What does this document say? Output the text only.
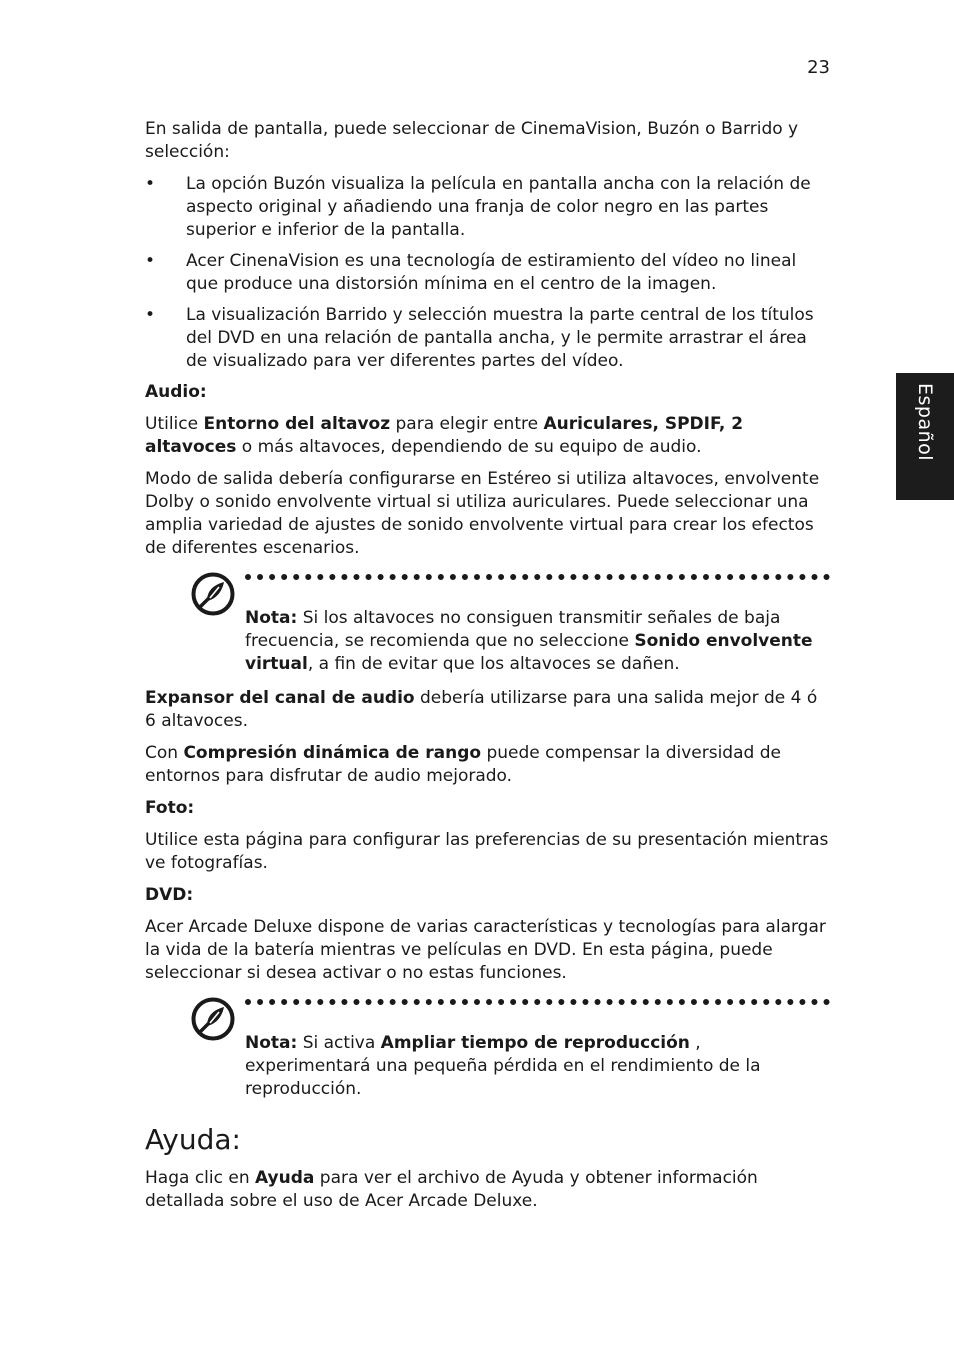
23
Español

En salida de pantalla, puede seleccionar de CinemaVision, Buzón o Barrido y selección:

• La opción Buzón visualiza la película en pantalla ancha con la relación de aspecto original y añadiendo una franja de color negro en las partes superior e inferior de la pantalla.
• Acer CinenaVision es una tecnología de estiramiento del vídeo no lineal que produce una distorsión mínima en el centro de la imagen.
• La visualización Barrido y selección muestra la parte central de los títulos del DVD en una relación de pantalla ancha, y le permite arrastrar el área de visualizado para ver diferentes partes del vídeo.
Audio:

Utilice Entorno del altavoz para elegir entre Auriculares, SPDIF, 2 altavoces o más altavoces, dependiendo de su equipo de audio.

Modo de salida debería configurarse en Estéreo si utiliza altavoces, envolvente Dolby o sonido envolvente virtual si utiliza auriculares. Puede seleccionar una amplia variedad de ajustes de sonido envolvente virtual para crear los efectos de diferentes escenarios.

Nota: Si los altavoces no consiguen transmitir señales de baja frecuencia, se recomienda que no seleccione Sonido envolvente virtual, a fin de evitar que los altavoces se dañen.

Expansor del canal de audio debería utilizarse para una salida mejor de 4 ó 6 altavoces.

Con Compresión dinámica de rango puede compensar la diversidad de entornos para disfrutar de audio mejorado.

Foto:

Utilice esta página para configurar las preferencias de su presentación mientras ve fotografías.

DVD:

Acer Arcade Deluxe dispone de varias características y tecnologías para alargar la vida de la batería mientras ve películas en DVD. En esta página, puede seleccionar si desea activar o no estas funciones.

Nota: Si activa Ampliar tiempo de reproducción , experimentará una pequeña pérdida en el rendimiento de la reproducción.

Ayuda:

Haga clic en Ayuda para ver el archivo de Ayuda y obtener información detallada sobre el uso de Acer Arcade Deluxe.
